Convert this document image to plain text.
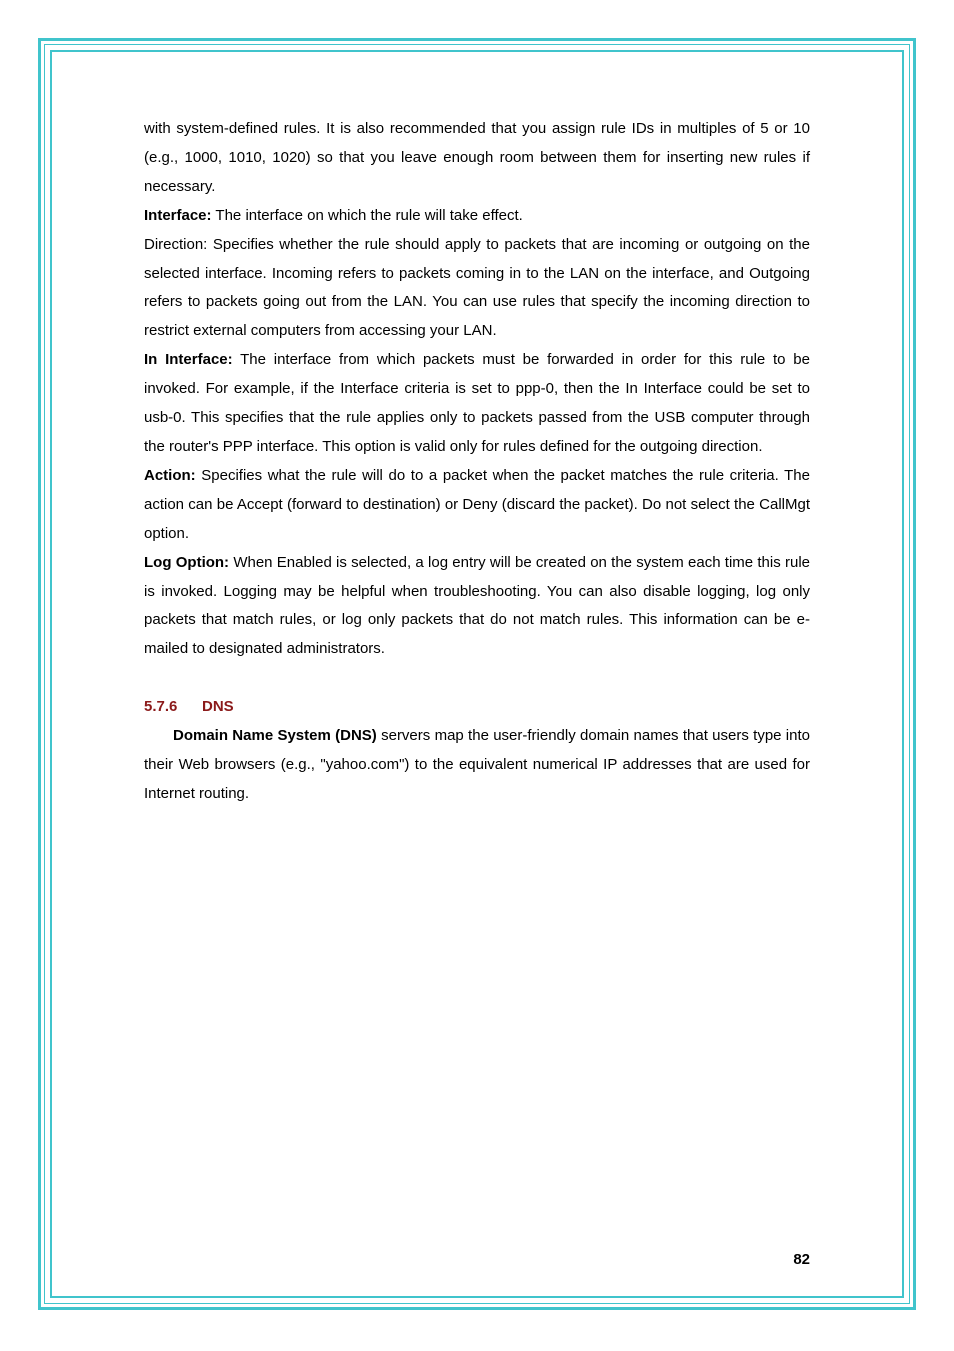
with system-defined rules. It is also recommended that you assign rule IDs in multiples of 5 or 10 (e.g., 1000, 1010, 1020) so that you leave enough room between them for inserting new rules if necessary.

Interface: The interface on which the rule will take effect.

Direction: Specifies whether the rule should apply to packets that are incoming or outgoing on the selected interface. Incoming refers to packets coming in to the LAN on the interface, and Outgoing refers to packets going out from the LAN. You can use rules that specify the incoming direction to restrict external computers from accessing your LAN.

In Interface: The interface from which packets must be forwarded in order for this rule to be invoked. For example, if the Interface criteria is set to ppp-0, then the In Interface could be set to usb-0. This specifies that the rule applies only to packets passed from the USB computer through the router's PPP interface. This option is valid only for rules defined for the outgoing direction.

Action: Specifies what the rule will do to a packet when the packet matches the rule criteria. The action can be Accept (forward to destination) or Deny (discard the packet). Do not select the CallMgt option.

Log Option: When Enabled is selected, a log entry will be created on the system each time this rule is invoked. Logging may be helpful when troubleshooting. You can also disable logging, log only packets that match rules, or log only packets that do not match rules. This information can be e-mailed to designated administrators.

5.7.6 DNS

Domain Name System (DNS) servers map the user-friendly domain names that users type into their Web browsers (e.g., "yahoo.com") to the equivalent numerical IP addresses that are used for Internet routing.

82
